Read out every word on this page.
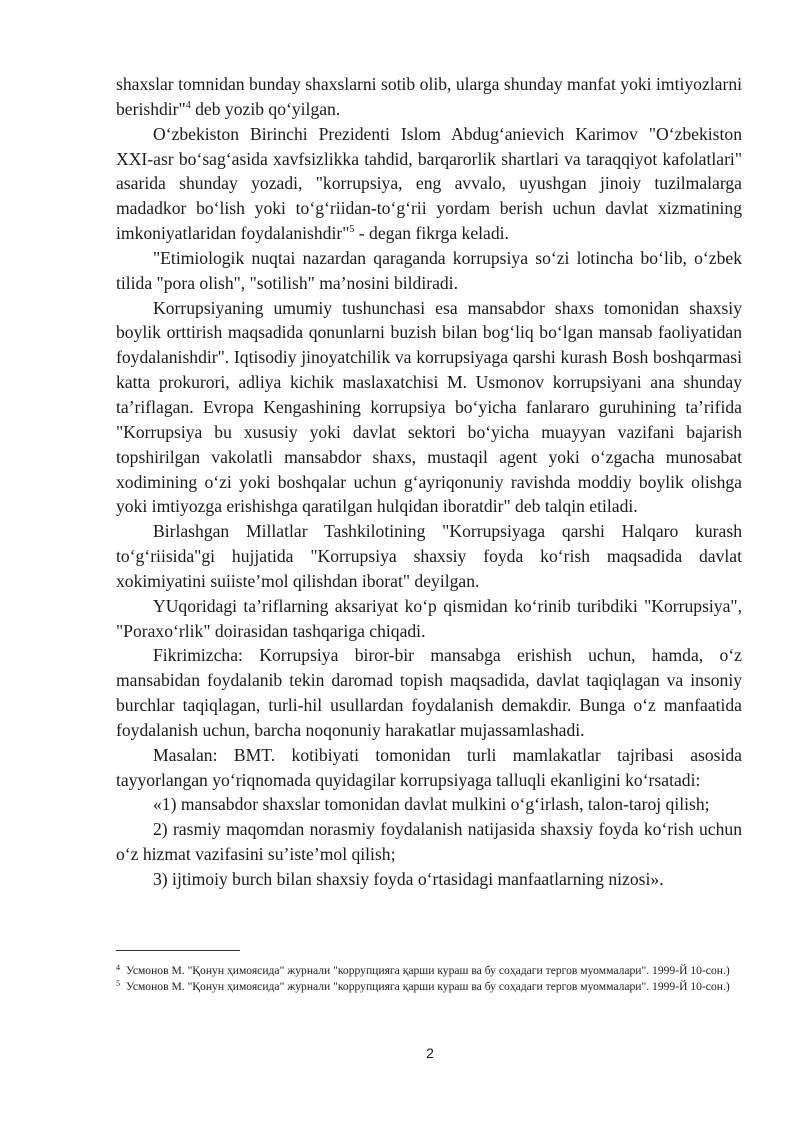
shaxslar tomnidan bunday shaxslarni sotib olib, ularga shunday manfat yoki imtiyozlarni berishdir"$^4$ deb yozib qo‘yilgan.

O‘zbekiston Birinchi Prezidenti Islom Abdug‘anievich Karimov "O‘zbekiston XXI-asr bo‘sag‘asida xavfsizlikka tahdid, barqarorlik shartlari va taraqqiyot kafolatlari" asarida shunday yozadi, "korrupsiya, eng avvalo, uyushgan jinoiy tuzilmalarga madadkor bo‘lish yoki to‘g‘riidan-to‘g‘rii yordam berish uchun davlat xizmatining imkoniyatlaridan foydalanishdir"$^5$ - degan fikrga keladi.

"Etimiologik nuqtai nazardan qaraganda korrupsiya so‘zi lotincha bo‘lib, o‘zbek tilida "pora olish", "sotilish" ma’nosini bildiradi.

Korrupsiyaning umumiy tushunchasi esa mansabdor shaxs tomonidan shaxsiy boylik orttirish maqsadida qonunlarni buzish bilan bog‘liq bo‘lgan mansab faoliyatidan foydalanishdir". Iqtisodiy jinoyatchilik va korrupsiyaga qarshi kurash Bosh boshqarmasi katta prokurori, adliya kichik maslaxatchisi M. Usmonov korrupsiyani ana shunday ta’riflagan. Evropa Kengashining korrupsiya bo‘yicha fanlararo guruhining ta’rifida "Korrupsiya bu xususiy yoki davlat sektori bo‘yicha muayyan vazifani bajarish topshirilgan vakolatli mansabdor shaxs, mustaqil agent yoki o‘zgacha munosabat xodimining o‘zi yoki boshqalar uchun g‘ayriqonuniy ravishda moddiy boylik olishga yoki imtiyozga erishishga qaratilgan hulqidan iboratdir" deb talqin etiladi.

Birlashgan Millatlar Tashkilotining "Korrupsiyaga qarshi Halqaro kurash to‘g‘riisida"gi hujjatida "Korrupsiya shaxsiy foyda ko‘rish maqsadida davlat xokimiyatini suiiste’mol qilishdan iborat" deyilgan.

YUqoridagi ta’riflarning aksariyat ko‘p qismidan ko‘rinib turibdiki "Korrupsiya", "Poraxo‘rlik" doirasidan tashqariga chiqadi.

Fikrimizcha: Korrupsiya biror-bir mansabga erishish uchun, hamda, o‘z mansabidan foydalanib tekin daromad topish maqsadida, davlat taqiqlagan va insoniy burchlar taqiqlagan, turli-hil usullardan foydalanish demakdir. Bunga o‘z manfaatida foydalanish uchun, barcha noqonuniy harakatlar mujassamlashadi.

Masalan: BMT. kotibiyati tomonidan turli mamlakatlar tajribasi asosida tayyorlangan yo‘riqnomada quyidagilar korrupsiyaga talluqli ekanligini ko‘rsatadi:

«1) mansabdor shaxslar tomonidan davlat mulkini o‘g‘irlash, talon-taroj qilish;

2) rasmiy maqomdan norasmiy foydalanish natijasida shaxsiy foyda ko‘rish uchun o‘z hizmat vazifasini su’iste’mol qilish;

3) ijtimoiy burch bilan shaxsiy foyda o‘rtasidagi manfaatlarning nizosi».

$^4$ Усмонов М. "Қонун ҳимоясида" журнали "коррупцияга қарши кураш ва бу соҳадаги тергов муоммалари". 1999-Й 10-сон.)

$^5$ Усмонов М. "Қонун ҳимоясида" журнали "коррупцияга қарши кураш ва бу соҳадаги тергов муоммалари". 1999-Й 10-сон.)

2
